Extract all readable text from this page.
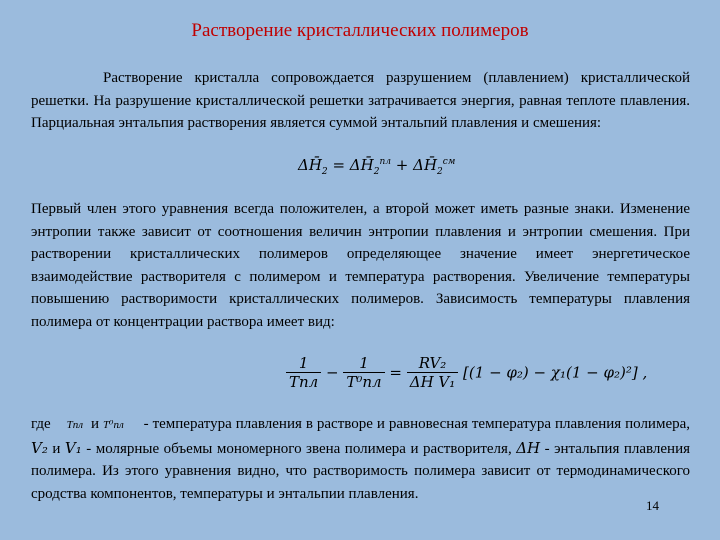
Растворение кристаллических полимеров
Растворение кристалла сопровождается разрушением (плавлением) кристаллической решетки. На разрушение кристаллической решетки затрачивается энергия, равная теплоте плавления. Парциальная энтальпия растворения является суммой энтальпий плавления и смешения:
$\Delta H̄_2$ = $\Delta H̄_2^{пл}$ + $\Delta H̄_2^{см}$
Первый член этого уравнения всегда положителен, а второй может иметь разные знаки. Изменение энтропии также зависит от соотношения величин энтропии плавления и энтропии смешения. При растворении кристаллических полимеров определяющее значение имеет энергетическое взаимодействие растворителя с полимером и температура растворения. Увеличение температуры повышению растворимости кристаллических полимеров. Зависимость температуры плавления полимера от концентрации раствора имеет вид:
$\frac{1}{\text{Tпл}} - \frac{1}{\text{T⁰пл}} = \frac{\text{RV₂}}{\text{ΔH V₁}} [(1 - \varphi_2) - \chi_1(1 - \varphi_2)^2]$ ,
где Tпл и T⁰пл     - температура плавления в растворе и равновесная температура плавления полимера, V₂ и V₁ - молярные объемы мономерного звена полимера и растворителя, ΔH - энтальпия плавления полимера. Из этого уравнения видно, что растворимость полимера зависит от термодинамического сродства компонентов, температуры и энтальпии плавления.
14
